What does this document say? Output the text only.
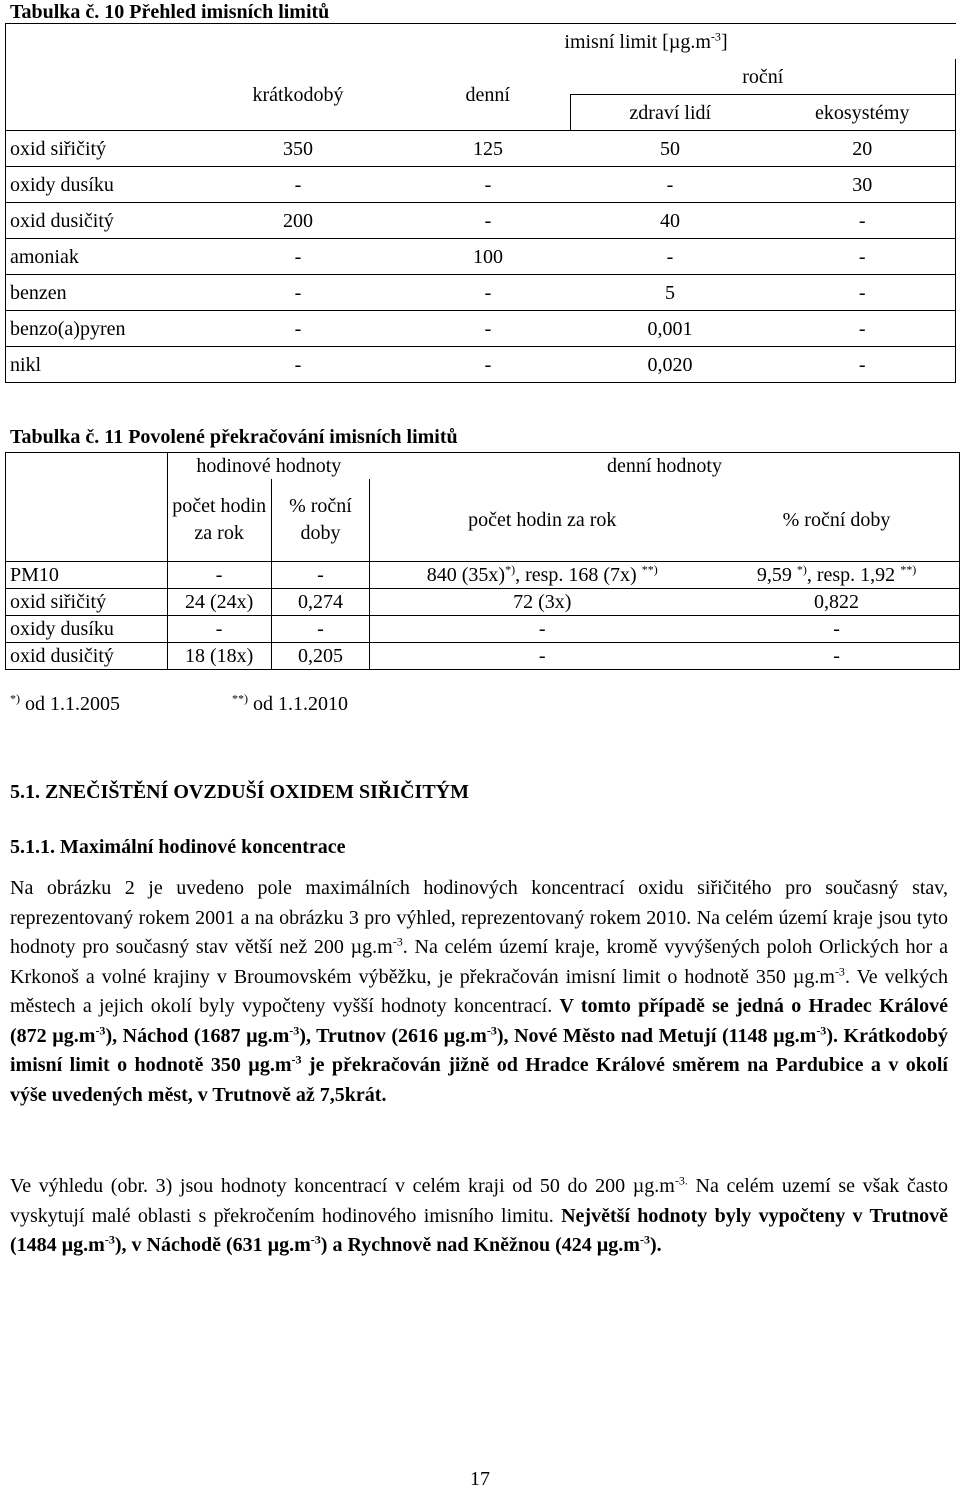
Tabulka č. 10 Přehled imisních limitů
	imisní limit $[\mu g.m^{-3}]$			
	krátkodobý	denní	roční	
			zdraví lidí	ekosystémy
oxid siřičitý	350	125	50	20
oxidy dusíku	-	-	-	30
oxid dusičitý	200	-	40	-
amoniak	-	100	-	-
benzen	-	-	5	-
benzo(a)pyren	-	-	0,001	-
nikl	-	-	0,020	-
Tabulka č. 11 Povolené překračování imisních limitů
	hodinové hodnoty		denní hodnoty	
	počet hodin za rok	% roční doby	počet hodin za rok	% roční doby
PM10	-	-	840 (35x)*), resp. 168 (7x) **)	9,59 *), resp. 1,92 **)
oxid siřičitý	24 (24x)	0,274	72 (3x)	0,822
oxidy dusíku	-	-	-	-
oxid dusičitý	18 (18x)	0,205	-	-
*) od 1.1.2005	**) od 1.1.2010
5.1. ZNEČIŠTĚNÍ OVZDUŠÍ OXIDEM SIŘIČITÝM
5.1.1. Maximální hodinové koncentrace

Na obrázku 2 je uvedeno pole maximálních hodinových koncentrací oxidu siřičitého pro současný stav, reprezentovaný rokem 2001 a na obrázku 3 pro výhled, reprezentovaný rokem 2010. Na celém území kraje jsou tyto hodnoty pro současný stav větší než 200 $\mu g.m^{-3}$. Na celém území kraje, kromě vyvýšených poloh Orlických hor a Krkonoš a volné krajiny v Broumovském výběžku, je překračován imisní limit o hodnotě 350 $\mu g.m^{-3}$. Ve velkých městech a jejich okolí byly vypočteny vyšší hodnoty koncentrací. V tomto případě se jedná o Hradec Králové (872 $\mu g.m^{-3}$), Náchod (1687 $\mu g.m^{-3}$), Trutnov (2616 $\mu g.m^{-3}$), Nové Město nad Metují (1148 $\mu g.m^{-3}$). Krátkodobý imisní limit o hodnotě 350 $\mu g.m^{-3}$ je překračován jižně od Hradce Králové směrem na Pardubice a v okolí výše uvedených měst, v Trutnově až 7,5krát.

Ve výhledu (obr. 3) jsou hodnoty koncentrací v celém kraji od 50 do 200 $\mu g.m^{-3.}$ Na celém uzemí se však často vyskytují malé oblasti s překročením hodinového imisního limitu. Největší hodnoty byly vypočteny v Trutnově (1484 $\mu g.m^{-3}$), v Náchodě (631 $\mu g.m^{-3}$) a Rychnově nad Kněžnou (424 $\mu g.m^{-3}$).

17
